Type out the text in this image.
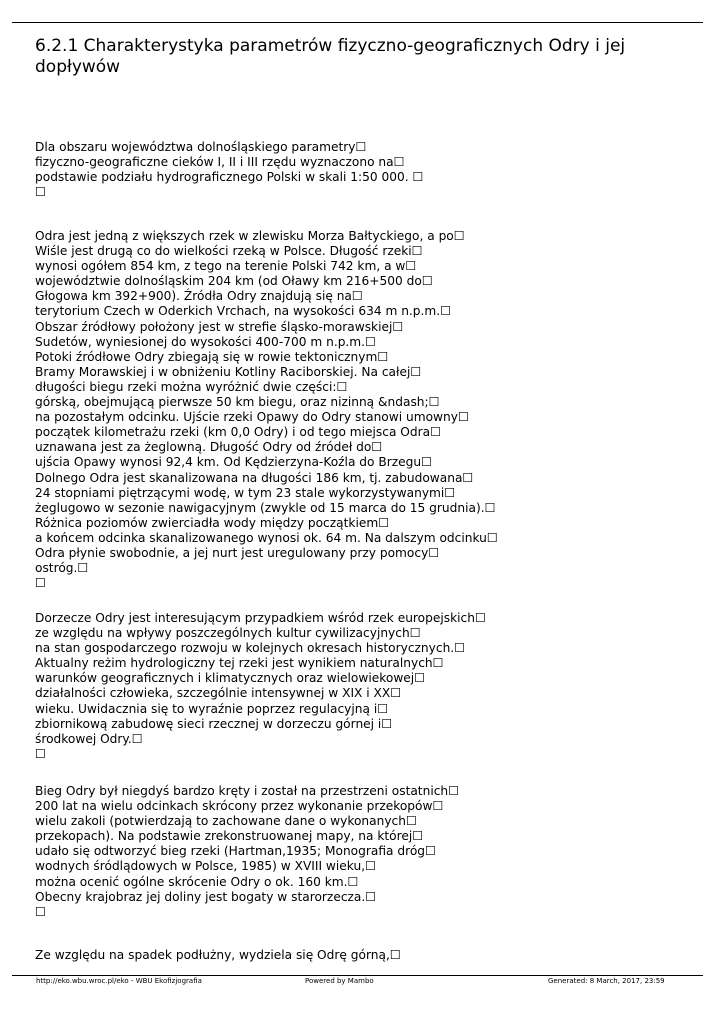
6.2.1 Charakterystyka parametrów fizyczno-geograficznych Odry i jej dopływów
Dla obszaru województwa dolnośląskiego parametry☐
fizyczno-geograficzne cieków I, II i III rzędu wyznaczono na☐
podstawie podziału hydrograficznego Polski w skali 1:50 000. ☐
☐
Odra jest jedną z większych rzek w zlewisku Morza Bałtyckiego, a po☐
Wiśle jest drugą co do wielkości rzeką w Polsce. Długość rzeki☐
wynosi ogółem 854 km, z tego na terenie Polski 742 km, a w☐
województwie dolnośląskim 204 km (od Oławy km 216+500 do☐
Głogowa km 392+900). Źródła Odry znajdują się na☐
terytorium Czech w Oderkich Vrchach, na wysokości 634 m n.p.m.☐
Obszar źródłowy położony jest w strefie śląsko-morawskiej☐
Sudetów, wyniesionej do wysokości 400-700 m n.p.m.☐
Potoki źródłowe Odry zbiegają się w rowie tektonicznym☐
Bramy Morawskiej i w obniżeniu Kotliny Raciborskiej. Na całej☐
długości biegu rzeki można wyróżnić dwie części:☐
górską, obejmującą pierwsze 50 km biegu, oraz nizinną &ndash;☐
na pozostałym odcinku. Ujście rzeki Opawy do Odry stanowi umowny☐
początek kilometrażu rzeki (km 0,0 Odry) i od tego miejsca Odra☐
uznawana jest za żeglowną. Długość Odry od źródeł do☐
ujścia Opawy wynosi 92,4 km. Od Kędzierzyna-Koźla do Brzegu☐
Dolnego Odra jest skanalizowana na długości 186 km, tj. zabudowana☐
24 stopniami piętrzącymi wodę, w tym 23 stale wykorzystywanymi☐
żeglugowo w sezonie nawigacyjnym (zwykle od 15 marca do 15 grudnia).☐
Różnica poziomów zwierciadła wody między początkiem☐
a końcem odcinka skanalizowanego wynosi ok. 64 m. Na dalszym odcinku☐
Odra płynie swobodnie, a jej nurt jest uregulowany przy pomocy☐
ostróg.☐
☐
Dorzecze Odry jest interesującym przypadkiem wśród rzek europejskich☐
ze względu na wpływy poszczególnych kultur cywilizacyjnych☐
na stan gospodarczego rozwoju w kolejnych okresach historycznych.☐
Aktualny reżim hydrologiczny tej rzeki jest wynikiem naturalnych☐
warunków geograficznych i klimatycznych oraz wielowiekowej☐
działalności człowieka, szczególnie intensywnej w XIX i XX☐
wieku. Uwidacznia się to wyraźnie poprzez regulacyjną i☐
zbiornikową zabudowę sieci rzecznej w dorzeczu górnej i☐
środkowej Odry.☐
☐
Bieg Odry był niegdyś bardzo kręty i został na przestrzeni ostatnich☐
200 lat na wielu odcinkach skrócony przez wykonanie przekopów☐
wielu zakoli (potwierdzają to zachowane dane o wykonanych☐
przekopach). Na podstawie zrekonstruowanej mapy, na której☐
udało się odtworzyć bieg rzeki (Hartman,1935; Monografia dróg☐
wodnych śródlądowych w Polsce, 1985) w XVIII wieku,☐
można ocenić ogólne skrócenie Odry o ok. 160 km.☐
Obecny krajobraz jej doliny jest bogaty w starorzecza.☐
☐
Ze względu na spadek podłużny, wydziela się Odrę górną,☐
http://eko.wbu.wroc.pl/eko - WBU Ekofizjografia	Powered by Mambo	Generated: 8 March, 2017, 23:59
